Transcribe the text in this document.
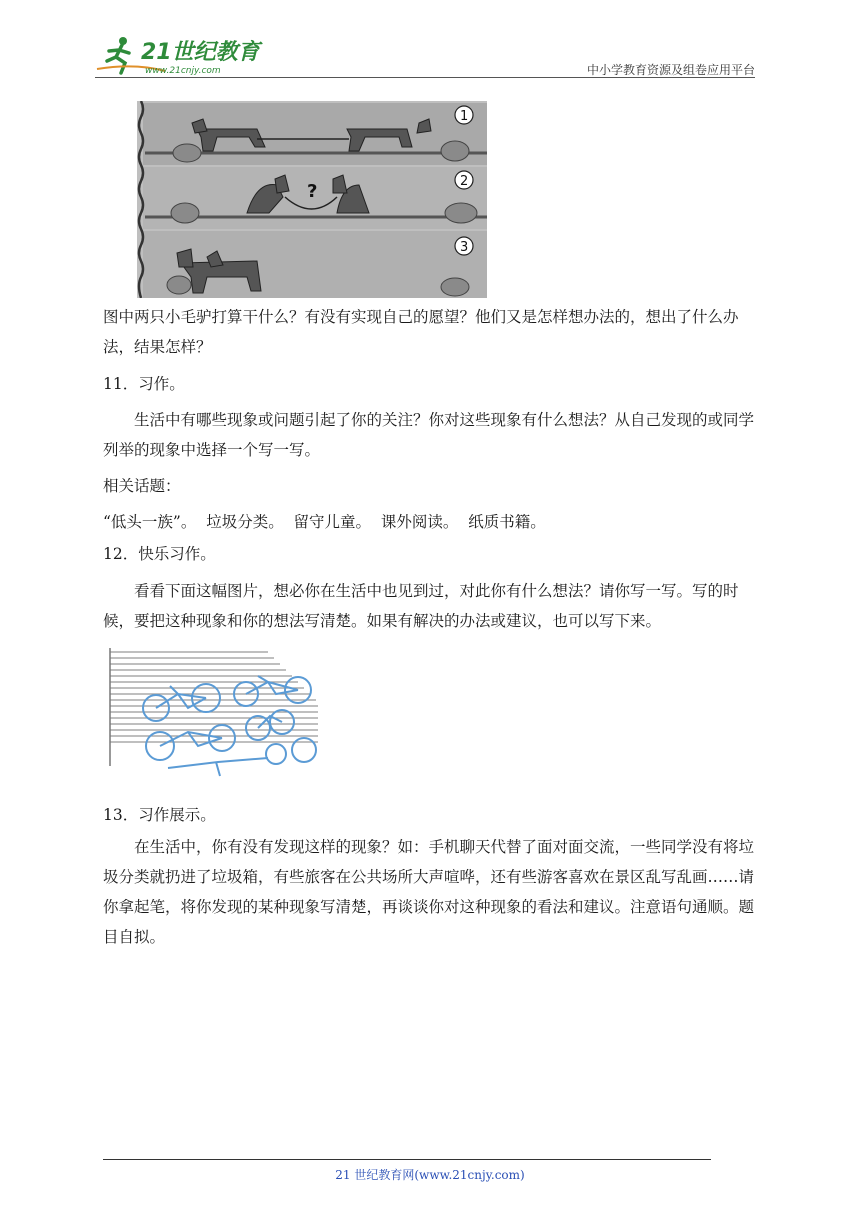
21世纪教育
www.21cnjy.com	中小学教育资源及组卷应用平台
?
1
2
3

图中两只小毛驴打算干什么？有没有实现自己的愿望？他们又是怎样想办法的，想出了什么办法，结果怎样？

11．习作。

生活中有哪些现象或问题引起了你的关注？你对这些现象有什么想法？从自己发现的或同学列举的现象中选择一个写一写。

相关话题：

“低头一族”。  垃圾分类。  留守儿童。  课外阅读。  纸质书籍。

12．快乐习作。

看看下面这幅图片，想必你在生活中也见到过，对此你有什么想法？请你写一写。写的时候，要把这种现象和你的想法写清楚。如果有解决的办法或建议，也可以写下来。

13．习作展示。

在生活中，你有没有发现这样的现象？如：手机聊天代替了面对面交流，一些同学没有将垃圾分类就扔进了垃圾箱，有些旅客在公共场所大声喧哗，还有些游客喜欢在景区乱写乱画……请你拿起笔，将你发现的某种现象写清楚，再谈谈你对这种现象的看法和建议。注意语句通顺。题目自拟。

21 世纪教育网(www.21cnjy.com)
